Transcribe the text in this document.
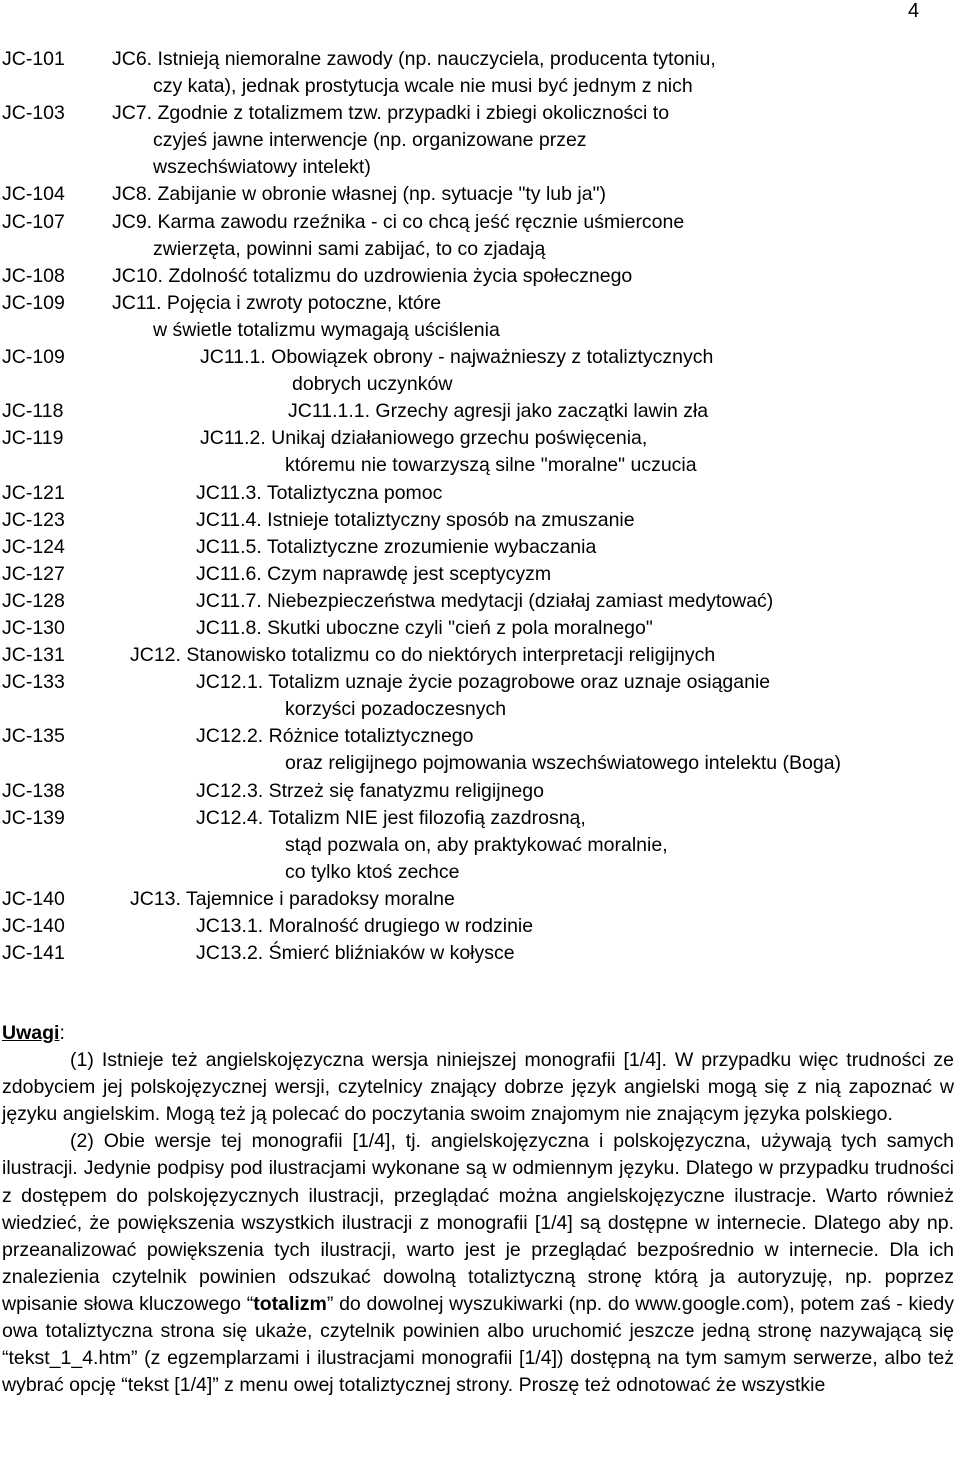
4
JC-101 JC6. Istnieją niemoralne zawody (np. nauczyciela, producenta tytoniu,
czy kata), jednak prostytucja wcale nie musi być jednym z nich
JC-103 JC7. Zgodnie z totalizmem tzw. przypadki i zbiegi okoliczności to
czyjeś jawne interwencje (np. organizowane przez
wszechświatowy intelekt)
JC-104 JC8. Zabijanie w obronie własnej (np. sytuacje "ty lub ja")
JC-107 JC9. Karma zawodu rzeźnika - ci co chcą jeść ręcznie uśmiercone
zwierzęta, powinni sami zabijać, to co zjadają
JC-108 JC10. Zdolność totalizmu do uzdrowienia życia społecznego
JC-109 JC11. Pojęcia i zwroty potoczne, które
w świetle totalizmu wymagają uściślenia
JC-109	JC11.1. Obowiązek obrony - najważnieszy z totaliztycznych
dobrych uczynków
JC-118	JC11.1.1. Grzechy agresji jako zaczątki lawin zła
JC-119	JC11.2. Unikaj działaniowego grzechu poświęcenia,
któremu nie towarzyszą silne "moralne" uczucia
JC-121	JC11.3. Totaliztyczna pomoc
JC-123	JC11.4. Istnieje totaliztyczny sposób na zmuszanie
JC-124	JC11.5. Totaliztyczne zrozumienie wybaczania
JC-127	JC11.6. Czym naprawdę jest sceptycyzm
JC-128	JC11.7. Niebezpieczeństwa medytacji (działaj zamiast medytować)
JC-130	JC11.8. Skutki uboczne czyli "cień z pola moralnego"
JC-131	JC12. Stanowisko totalizmu co do niektórych interpretacji religijnych
JC-133	JC12.1. Totalizm uznaje życie pozagrobowe oraz uznaje osiąganie
korzyści pozadoczesnych
JC-135	JC12.2. Różnice totaliztycznego
oraz religijnego pojmowania wszechświatowego intelektu (Boga)
JC-138	JC12.3. Strzeż się fanatyzmu religijnego
JC-139	JC12.4. Totalizm NIE jest filozofią zazdrosną,
stąd pozwala on, aby praktykować moralnie,
co tylko ktoś zechce
JC-140	JC13. Tajemnice i paradoksy moralne
JC-140	JC13.1. Moralność drugiego w rodzinie
JC-141	JC13.2. Śmierć bliźniaków w kołysce
Uwagi:

(1) Istnieje też angielskojęzyczna wersja niniejszej monografii [1/4]. W przypadku więc trudności ze zdobyciem jej polskojęzycznej wersji, czytelnicy znający dobrze język angielski mogą się z nią zapoznać w języku angielskim. Mogą też ją polecać do poczytania swoim znajomym nie znającym języka polskiego.

(2) Obie wersje tej monografii [1/4], tj. angielskojęzyczna i polskojęzyczna, używają tych samych ilustracji. Jedynie podpisy pod ilustracjami wykonane są w odmiennym języku. Dlatego w przypadku trudności z dostępem do polskojęzycznych ilustracji, przeglądać można angielskojęzyczne ilustracje. Warto również wiedzieć, że powiększenia wszystkich ilustracji z monografii [1/4] są dostępne w internecie. Dlatego aby np. przeanalizować powiększenia tych ilustracji, warto jest je przeglądać bezpośrednio w internecie. Dla ich znalezienia czytelnik powinien odszukać dowolną totaliztyczną stronę którą ja autoryzuję, np. poprzez wpisanie słowa kluczowego “totalizm” do dowolnej wyszukiwarki (np. do www.google.com), potem zaś - kiedy owa totaliztyczna strona się ukaże, czytelnik powinien albo uruchomić jeszcze jedną stronę nazywającą się “tekst_1_4.htm” (z egzemplarzami i ilustracjami monografii [1/4]) dostępną na tym samym serwerze, albo też wybrać opcję “tekst [1/4]” z menu owej totaliztycznej strony. Proszę też odnotować że wszystkie
